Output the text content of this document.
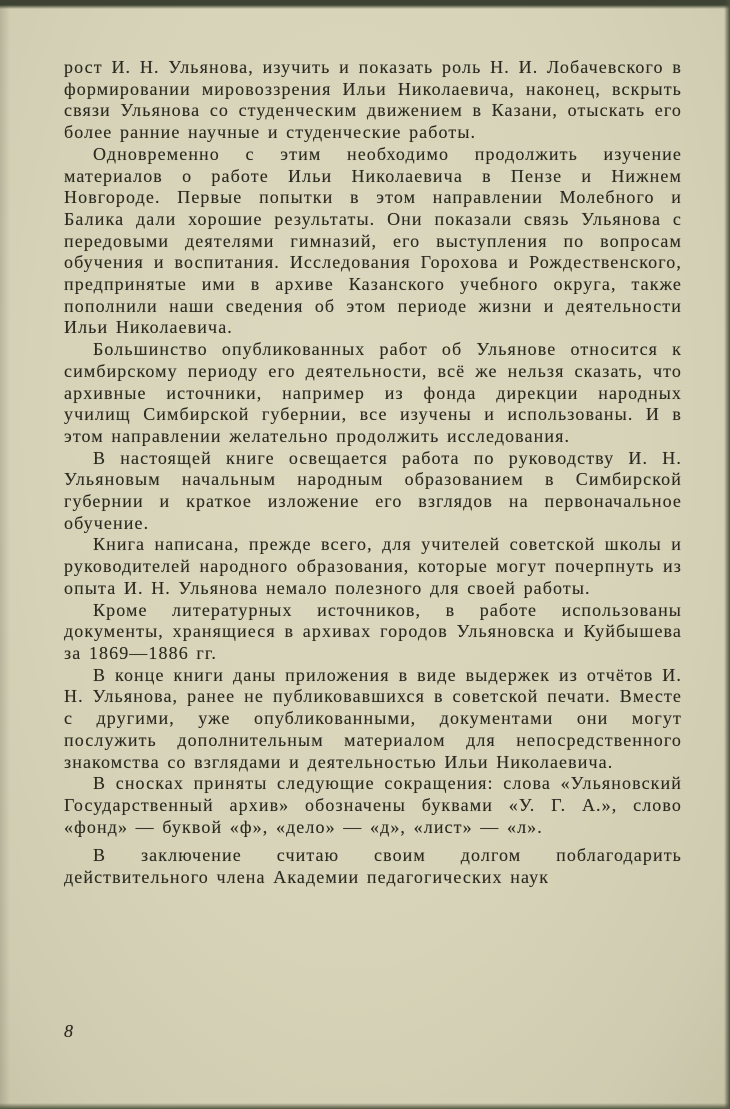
рост И. Н. Ульянова, изучить и показать роль Н. И. Лобачевского в формировании мировоззрения Ильи Николаевича, наконец, вскрыть связи Ульянова со студенческим движением в Казани, отыскать его более ранние научные и студенческие работы.

Одновременно с этим необходимо продолжить изучение материалов о работе Ильи Николаевича в Пензе и Нижнем Новгороде. Первые попытки в этом направлении Молебного и Балика дали хорошие результаты. Они показали связь Ульянова с передовыми деятелями гимназий, его выступления по вопросам обучения и воспитания. Исследования Горохова и Рождественского, предпринятые ими в архиве Казанского учебного округа, также пополнили наши сведения об этом периоде жизни и деятельности Ильи Николаевича.

Большинство опубликованных работ об Ульянове относится к симбирскому периоду его деятельности, всё же нельзя сказать, что архивные источники, например из фонда дирекции народных училищ Симбирской губернии, все изучены и использованы. И в этом направлении желательно продолжить исследования.

В настоящей книге освещается работа по руководству И. Н. Ульяновым начальным народным образованием в Симбирской губернии и краткое изложение его взглядов на первоначальное обучение.

Книга написана, прежде всего, для учителей советской школы и руководителей народного образования, которые могут почерпнуть из опыта И. Н. Ульянова немало полезного для своей работы.

Кроме литературных источников, в работе использованы документы, хранящиеся в архивах городов Ульяновска и Куйбышева за 1869—1886 гг.

В конце книги даны приложения в виде выдержек из отчётов И. Н. Ульянова, ранее не публиковавшихся в советской печати. Вместе с другими, уже опубликованными, документами они могут послужить дополнительным материалом для непосредственного знакомства со взглядами и деятельностью Ильи Николаевича.

В сносках приняты следующие сокращения: слова «Ульяновский Государственный архив» обозначены буквами «У. Г. А.», слово «фонд» — буквой «ф», «дело» — «д», «лист» — «л».

В заключение считаю своим долгом поблагодарить действительного члена Академии педагогических наук

8
